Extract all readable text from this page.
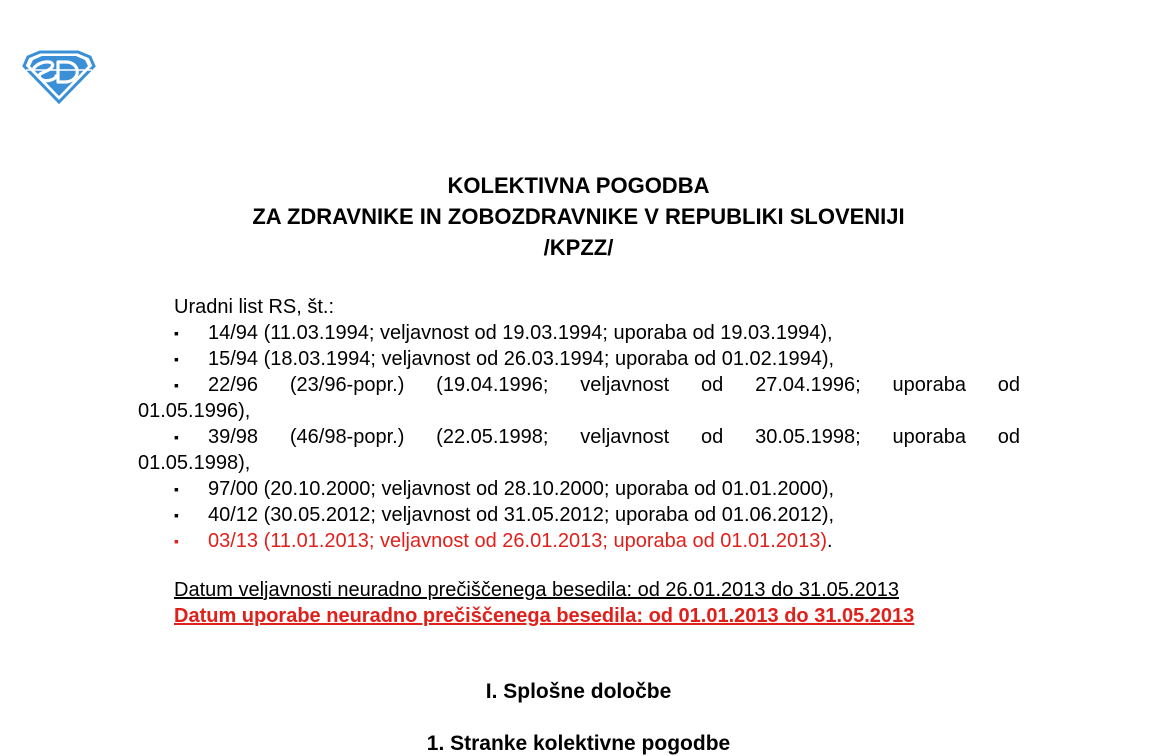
KOLEKTIVNA POGODBA
ZA ZDRAVNIKE IN ZOBOZDRAVNIKE V REPUBLIKI SLOVENIJI
/KPZZ/
Uradni list RS, št.:
▪ 14/94 (11.03.1994; veljavnost od 19.03.1994; uporaba od 19.03.1994),
▪ 15/94 (18.03.1994; veljavnost od 26.03.1994; uporaba od 01.02.1994),
▪ 22/96 (23/96-popr.) (19.04.1996; veljavnost od 27.04.1996; uporaba od
01.05.1996),
▪ 39/98 (46/98-popr.) (22.05.1998; veljavnost od 30.05.1998; uporaba od
01.05.1998),
▪ 97/00 (20.10.2000; veljavnost od 28.10.2000; uporaba od 01.01.2000),
▪ 40/12 (30.05.2012; veljavnost od 31.05.2012; uporaba od 01.06.2012),
▪ 03/13 (11.01.2013; veljavnost od 26.01.2013; uporaba od 01.01.2013).
Datum veljavnosti neuradno prečiščenega besedila: od 26.01.2013 do 31.05.2013
Datum uporabe neuradno prečiščenega besedila: od 01.01.2013 do 31.05.2013
I. Splošne določbe
1. Stranke kolektivne pogodbe
